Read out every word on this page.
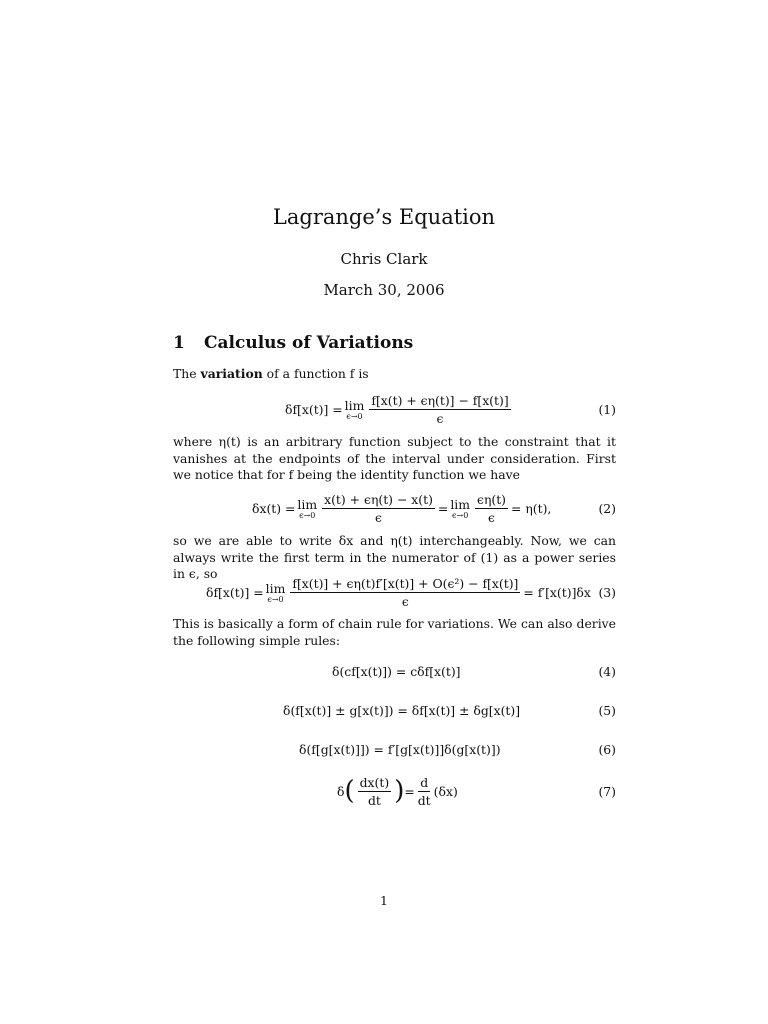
Lagrange’s Equation
Chris Clark
March 30, 2006
1 Calculus of Variations
The variation of a function f is
δf[x(t)] = lim
$\epsilon\to 0 \frac{f[x(t) + \epsilon\eta(t)] - f[x(t)]}{\epsilon}$	(1)
where η(t) is an arbitrary function subject to the constraint that it vanishes at the endpoints of the interval under consideration. First we notice that for f being the identity function we have
δx(t) = lim
$\epsilon\to 0 \frac{x(t) + \epsilon\eta(t) - x(t)}{\epsilon} = \lim$
$\epsilon\to 0 \frac{\epsilon\eta(t)}{\epsilon} = \eta(t)$,	(2)
so we are able to write δx and η(t) interchangeably. Now, we can always write the first term in the numerator of (1) as a power series in ϵ, so
δf[x(t)] = lim
$\epsilon\to 0 \frac{\text{f[x(t)] + ϵη(t)f′[x(t)] + O(ϵ²) − f[x(t)]}}{\epsilon} = f'[x(t)]\delta x$ (3)
This is basically a form of chain rule for variations. We can also derive the following simple rules:
δ(cf[x(t)]) = cδf[x(t)]	(4)
δ(f[x(t)] ± g[x(t)]) = δf[x(t)] ± δg[x(t)]	(5)
δ(f[g[x(t)]]) = f′[g[x(t)]]δ(g[x(t)])	(6)
δ ( $\frac{dx(t)}{dt}$ ) = $\frac{d}{dt} (\delta x)$	(7)
1
